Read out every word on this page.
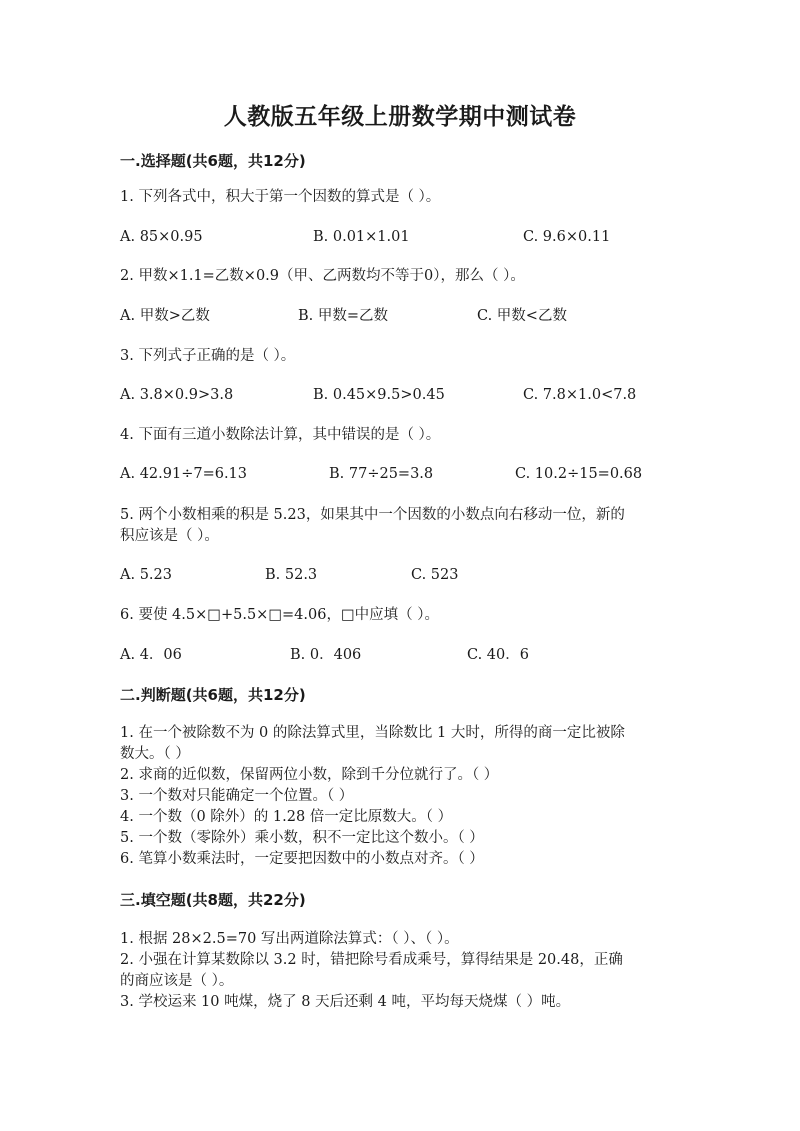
人教版五年级上册数学期中测试卷
一.选择题(共6题，共12分)
1. 下列各式中，积大于第一个因数的算式是（ ）。
A. 85×0.95	B. 0.01×1.01	C. 9.6×0.11
2. 甲数×1.1=乙数×0.9（甲、乙两数均不等于0），那么（ ）。
A. 甲数>乙数	B. 甲数=乙数	C. 甲数<乙数
3. 下列式子正确的是（ ）。
A. 3.8×0.9>3.8	B. 0.45×9.5>0.45	C. 7.8×1.0<7.8
4. 下面有三道小数除法计算，其中错误的是（ ）。
A. 42.91÷7=6.13	B. 77÷25=3.8	C. 10.2÷15=0.68
5. 两个小数相乘的积是 5.23，如果其中一个因数的小数点向右移动一位，新的
积应该是（ ）。
A. 5.23	B. 52.3	C. 523
6. 要使 4.5×□+5.5×□=4.06，□中应填（ ）。
A. 4．06	B. 0．406	C. 40．6
二.判断题(共6题，共12分)
1. 在一个被除数不为 0 的除法算式里，当除数比 1 大时，所得的商一定比被除
数大。（ ）
2. 求商的近似数，保留两位小数，除到千分位就行了。（ ）
3. 一个数对只能确定一个位置。（ ）
4. 一个数（0 除外）的 1.28 倍一定比原数大。（ ）
5. 一个数（零除外）乘小数，积不一定比这个数小。（ ）
6. 笔算小数乘法时，一定要把因数中的小数点对齐。（ ）
三.填空题(共8题，共22分)
1. 根据 28×2.5=70 写出两道除法算式：（ ）、（ ）。
2. 小强在计算某数除以 3.2 时，错把除号看成乘号，算得结果是 20.48，正确
的商应该是（ ）。
3. 学校运来 10 吨煤，烧了 8 天后还剩 4 吨，平均每天烧煤（ ）吨。
